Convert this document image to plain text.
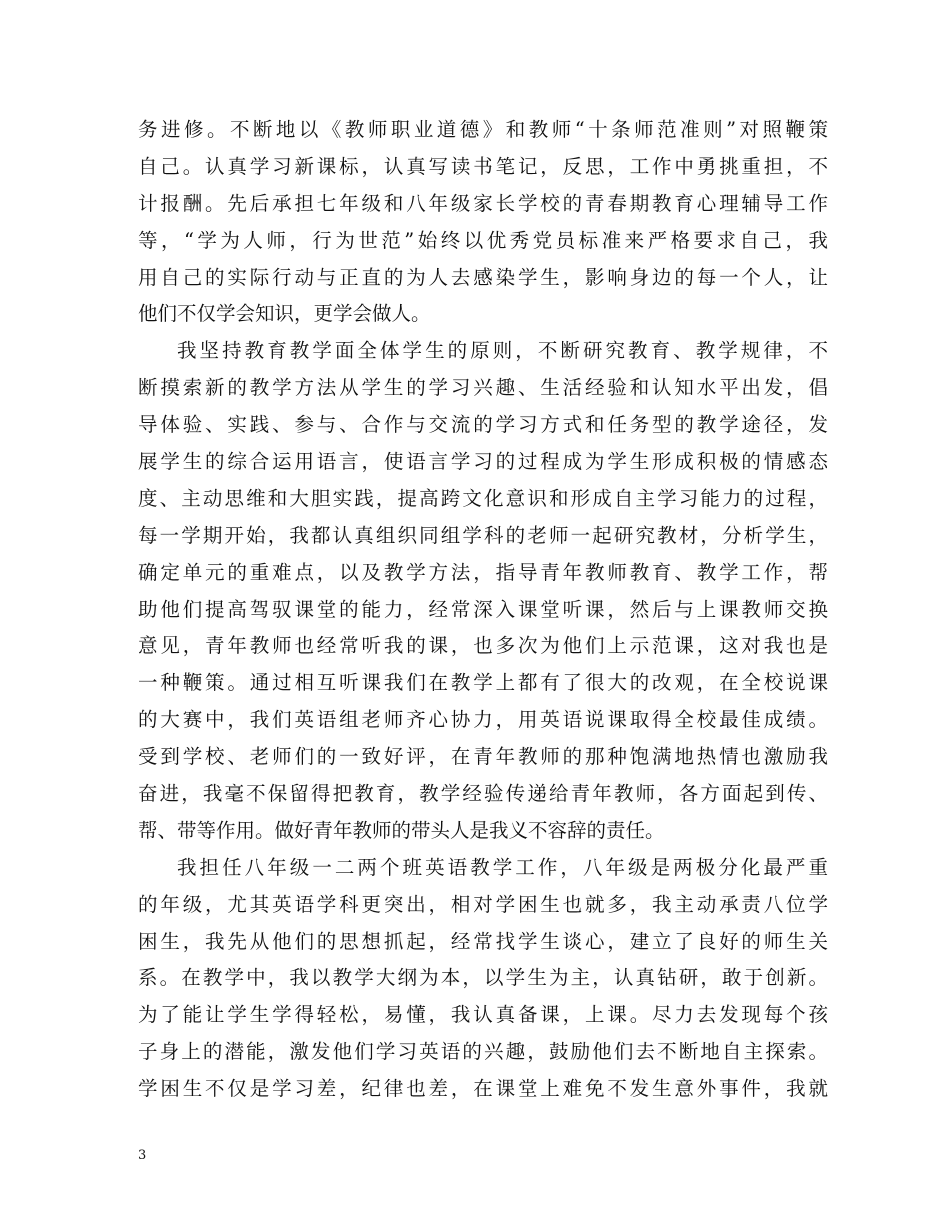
务进修。不断地以《教师职业道德》和教师“十条师范准则”对照鞭策
自己。认真学习新课标，认真写读书笔记，反思，工作中勇挑重担，不
计报酬。先后承担七年级和八年级家长学校的青春期教育心理辅导工作
等，“学为人师，行为世范”始终以优秀党员标准来严格要求自己，我
用自己的实际行动与正直的为人去感染学生，影响身边的每一个人，让
他们不仅学会知识，更学会做人。
我坚持教育教学面全体学生的原则，不断研究教育、教学规律，不
断摸索新的教学方法从学生的学习兴趣、生活经验和认知水平出发，倡
导体验、实践、参与、合作与交流的学习方式和任务型的教学途径，发
展学生的综合运用语言，使语言学习的过程成为学生形成积极的情感态
度、主动思维和大胆实践，提高跨文化意识和形成自主学习能力的过程，
每一学期开始，我都认真组织同组学科的老师一起研究教材，分析学生，
确定单元的重难点，以及教学方法，指导青年教师教育、教学工作，帮
助他们提高驾驭课堂的能力，经常深入课堂听课，然后与上课教师交换
意见，青年教师也经常听我的课，也多次为他们上示范课，这对我也是
一种鞭策。通过相互听课我们在教学上都有了很大的改观，在全校说课
的大赛中，我们英语组老师齐心协力，用英语说课取得全校最佳成绩。
受到学校、老师们的一致好评，在青年教师的那种饱满地热情也激励我
奋进，我毫不保留得把教育，教学经验传递给青年教师，各方面起到传、
帮、带等作用。做好青年教师的带头人是我义不容辞的责任。
我担任八年级一二两个班英语教学工作，八年级是两极分化最严重
的年级，尤其英语学科更突出，相对学困生也就多，我主动承责八位学
困生，我先从他们的思想抓起，经常找学生谈心，建立了良好的师生关
系。在教学中，我以教学大纲为本，以学生为主，认真钻研，敢于创新。
为了能让学生学得轻松，易懂，我认真备课，上课。尽力去发现每个孩
子身上的潜能，激发他们学习英语的兴趣，鼓励他们去不断地自主探索。
学困生不仅是学习差，纪律也差，在课堂上难免不发生意外事件，我就
3
